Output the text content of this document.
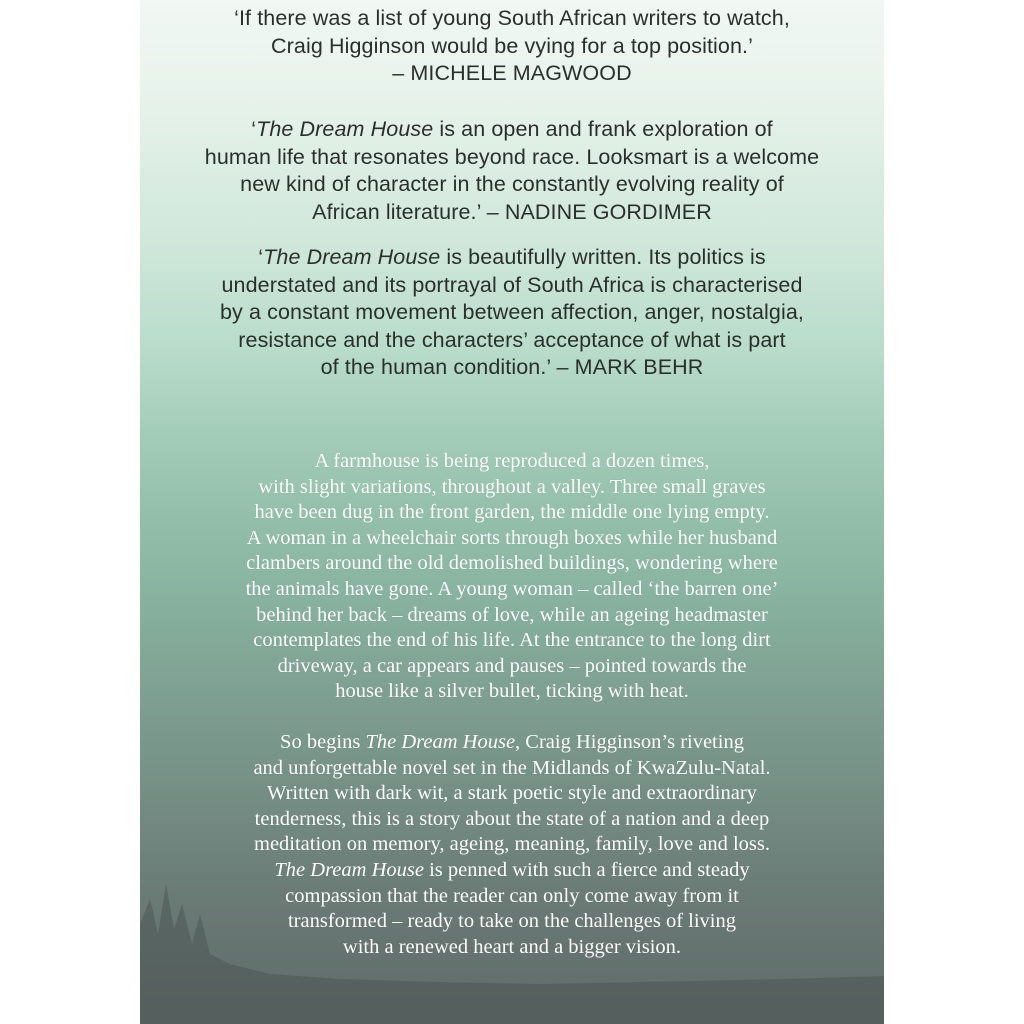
‘If there was a list of young South African writers to watch,
Craig Higginson would be vying for a top position.’
– MICHELE MAGWOOD
‘The Dream House is an open and frank exploration of
human life that resonates beyond race. Looksmart is a welcome
new kind of character in the constantly evolving reality of
African literature.’ – NADINE GORDIMER
‘The Dream House is beautifully written. Its politics is
understated and its portrayal of South Africa is characterised
by a constant movement between affection, anger, nostalgia,
resistance and the characters’ acceptance of what is part
of the human condition.’ – MARK BEHR
A farmhouse is being reproduced a dozen times,
with slight variations, throughout a valley. Three small graves
have been dug in the front garden, the middle one lying empty.
A woman in a wheelchair sorts through boxes while her husband
clambers around the old demolished buildings, wondering where
the animals have gone. A young woman – called ‘the barren one’
behind her back – dreams of love, while an ageing headmaster
contemplates the end of his life. At the entrance to the long dirt
driveway, a car appears and pauses – pointed towards the
house like a silver bullet, ticking with heat.
So begins The Dream House, Craig Higginson’s riveting
and unforgettable novel set in the Midlands of KwaZulu-Natal.
Written with dark wit, a stark poetic style and extraordinary
tenderness, this is a story about the state of a nation and a deep
meditation on memory, ageing, meaning, family, love and loss.
The Dream House is penned with such a fierce and steady
compassion that the reader can only come away from it
transformed – ready to take on the challenges of living
with a renewed heart and a bigger vision.
